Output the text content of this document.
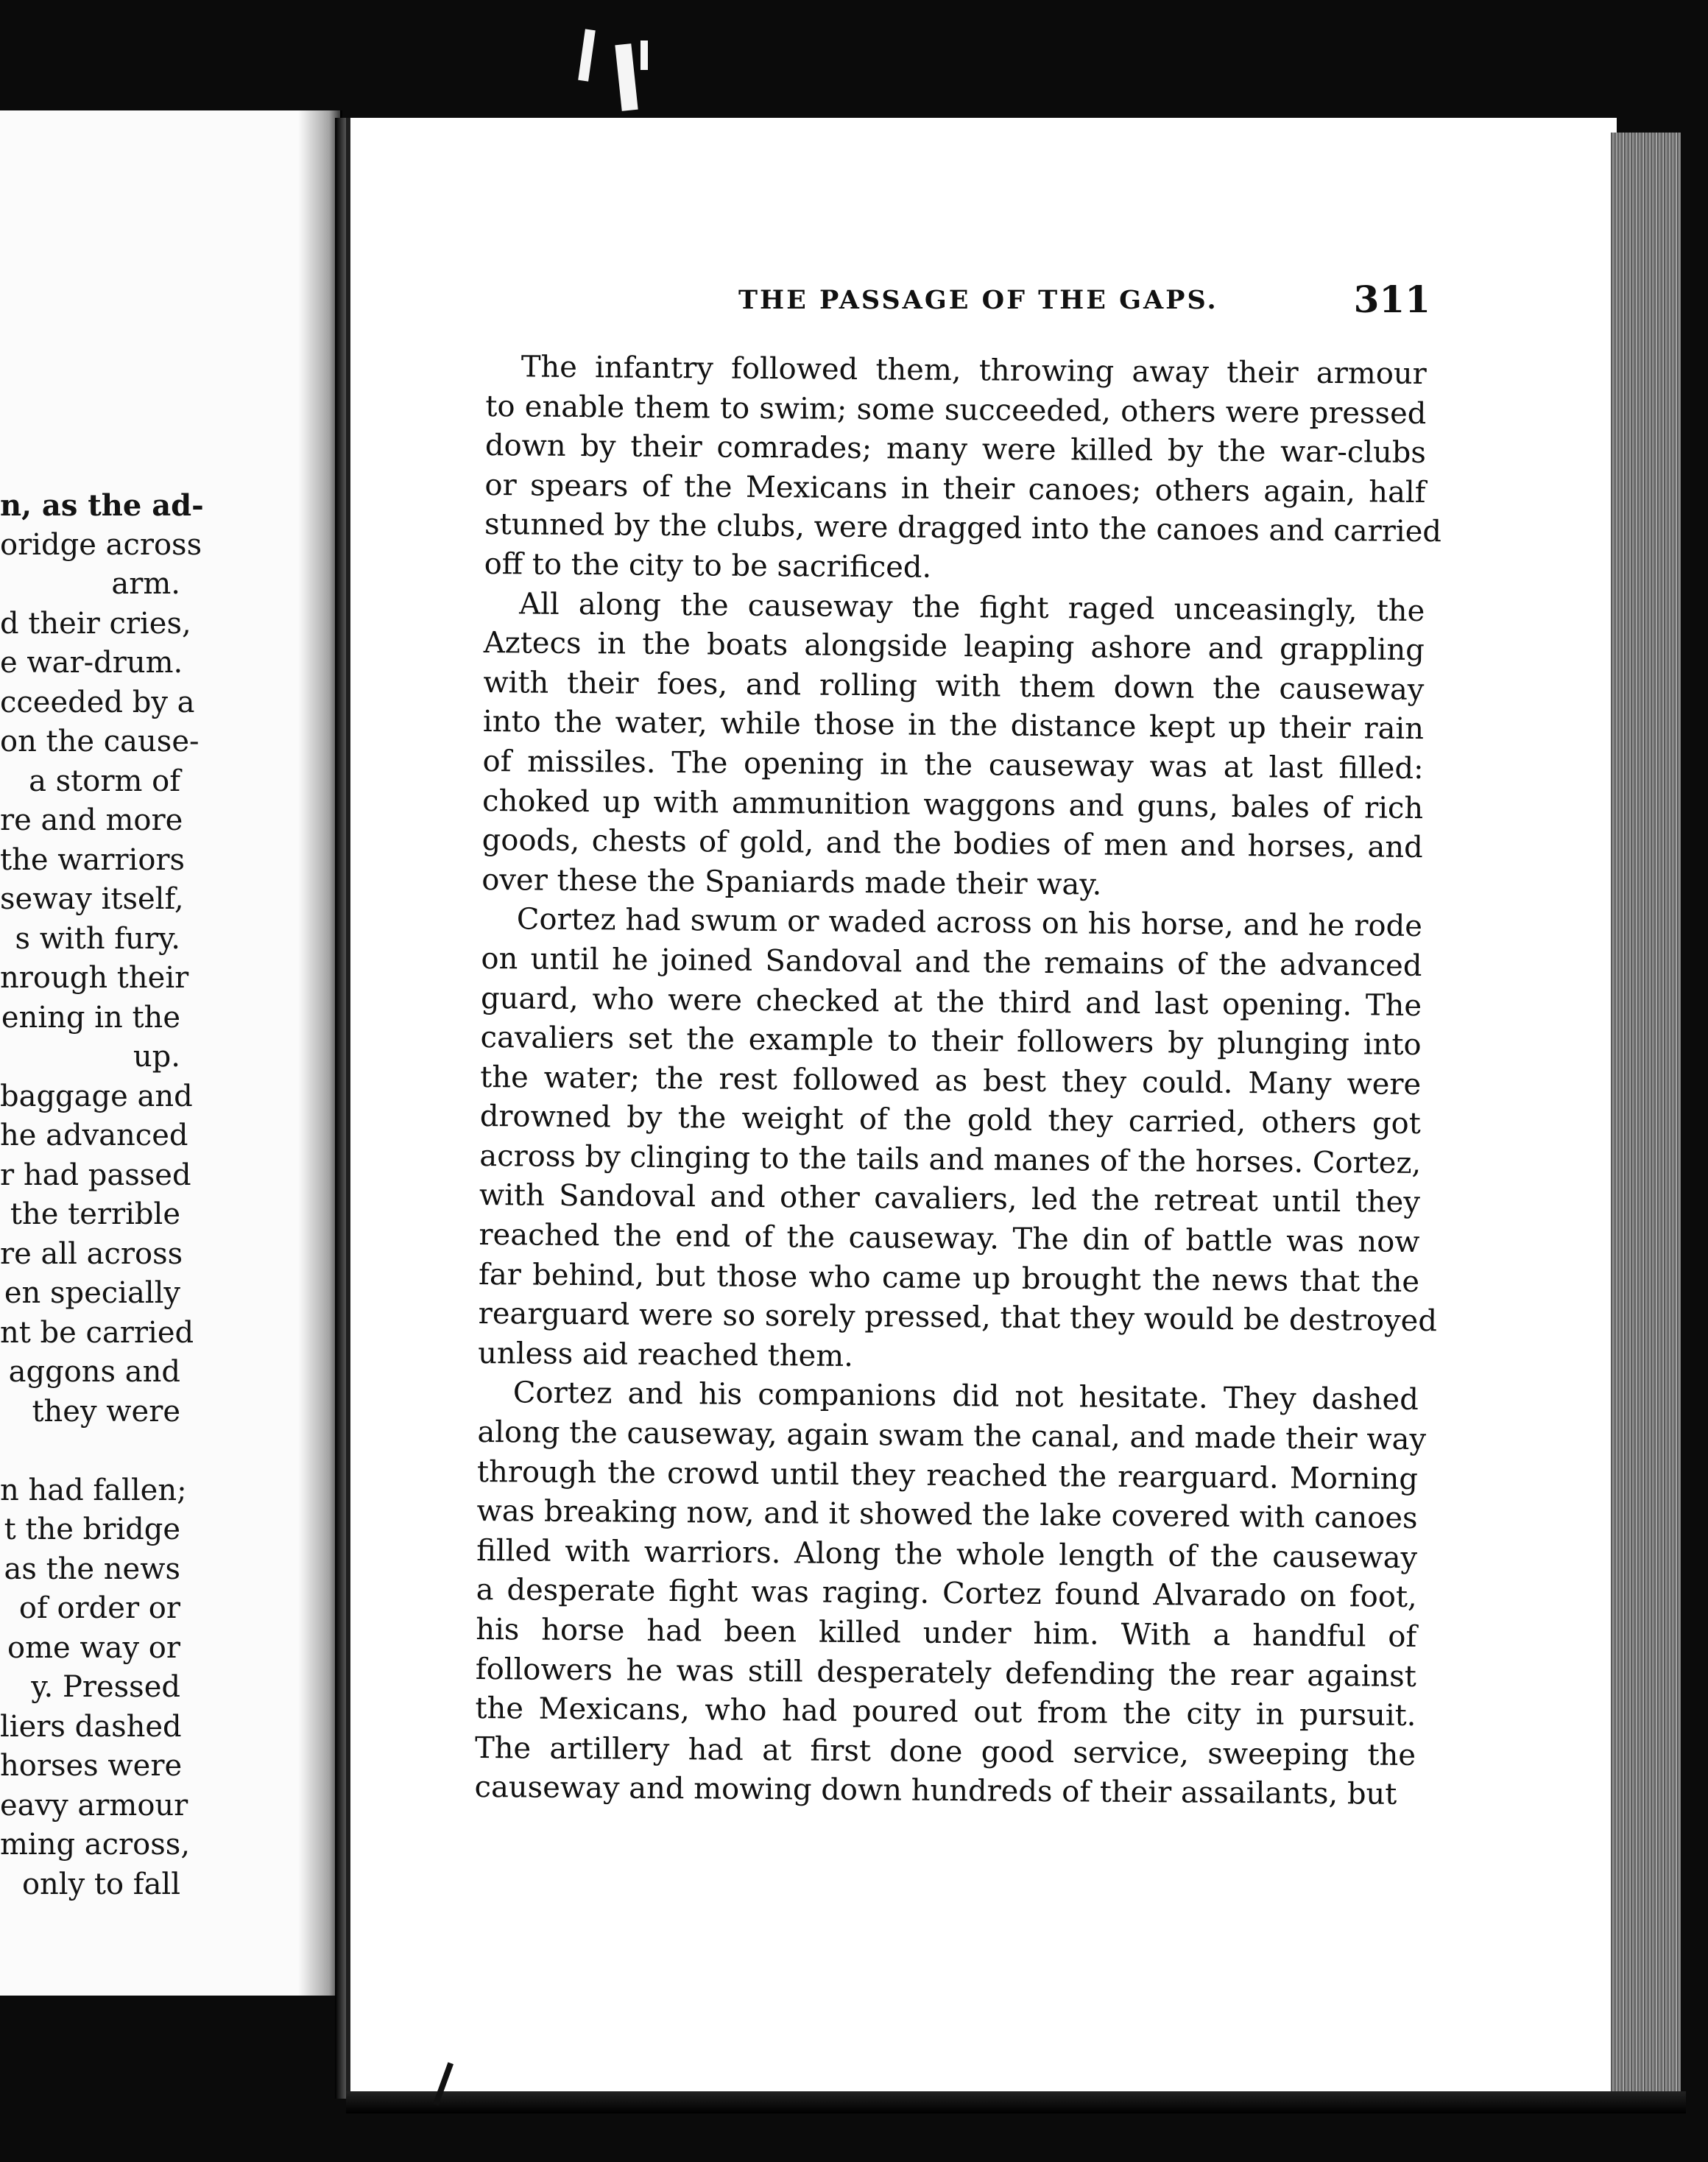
n, as the ad-
oridge across
arm.
d their cries,
e war-drum.
cceeded by a
on the cause-
a storm of
re and more
the warriors
seway itself,
s with fury.
nrough their
ening in the
up.
baggage and
he advanced
r had passed
the terrible
re all across
en specially
nt be carried
aggons and
they were
n had fallen;
t the bridge
as the news
of order or
ome way or
y. Pressed
liers dashed
horses were
eavy armour
ming across,
only to fall
THE PASSAGE OF THE GAPS.	311

The infantry followed them, throwing away their armour
to enable them to swim; some succeeded, others were pressed
down by their comrades; many were killed by the war-clubs
or spears of the Mexicans in their canoes; others again, half
stunned by the clubs, were dragged into the canoes and carried
off to the city to be sacrificed.

All along the causeway the fight raged unceasingly, the
Aztecs in the boats alongside leaping ashore and grappling
with their foes, and rolling with them down the causeway
into the water, while those in the distance kept up their rain
of missiles. The opening in the causeway was at last filled:
choked up with ammunition waggons and guns, bales of rich
goods, chests of gold, and the bodies of men and horses, and
over these the Spaniards made their way.

Cortez had swum or waded across on his horse, and he rode
on until he joined Sandoval and the remains of the advanced
guard, who were checked at the third and last opening. The
cavaliers set the example to their followers by plunging into
the water; the rest followed as best they could. Many were
drowned by the weight of the gold they carried, others got
across by clinging to the tails and manes of the horses. Cortez,
with Sandoval and other cavaliers, led the retreat until they
reached the end of the causeway. The din of battle was now
far behind, but those who came up brought the news that the
rearguard were so sorely pressed, that they would be destroyed
unless aid reached them.

Cortez and his companions did not hesitate. They dashed
along the causeway, again swam the canal, and made their way
through the crowd until they reached the rearguard. Morning
was breaking now, and it showed the lake covered with canoes
filled with warriors. Along the whole length of the causeway
a desperate fight was raging. Cortez found Alvarado on foot,
his horse had been killed under him. With a handful of
followers he was still desperately defending the rear against
the Mexicans, who had poured out from the city in pursuit.
The artillery had at first done good service, sweeping the
causeway and mowing down hundreds of their assailants, but
